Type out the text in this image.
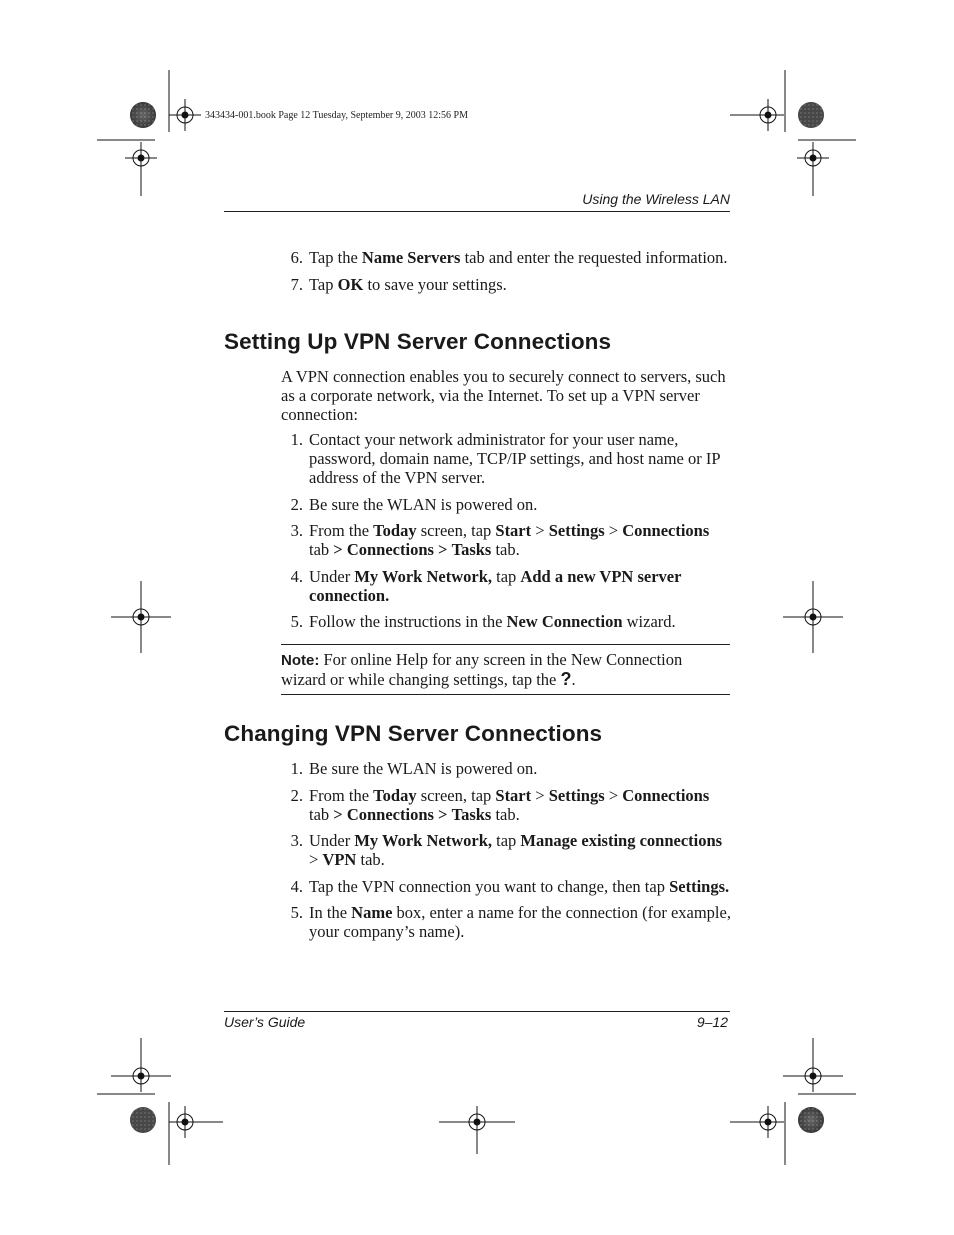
343434-001.book Page 12 Tuesday, September 9, 2003 12:56 PM
Using the Wireless LAN
6. Tap the Name Servers tab and enter the requested information.
7. Tap OK to save your settings.
Setting Up VPN Server Connections
A VPN connection enables you to securely connect to servers, such as a corporate network, via the Internet. To set up a VPN server connection:
1. Contact your network administrator for your user name, password, domain name, TCP/IP settings, and host name or IP address of the VPN server.
2. Be sure the WLAN is powered on.
3. From the Today screen, tap Start > Settings > Connections tab > Connections > Tasks tab.
4. Under My Work Network, tap Add a new VPN server connection.
5. Follow the instructions in the New Connection wizard.
Note: For online Help for any screen in the New Connection wizard or while changing settings, tap the ?.
Changing VPN Server Connections
1. Be sure the WLAN is powered on.
2. From the Today screen, tap Start > Settings > Connections tab > Connections > Tasks tab.
3. Under My Work Network, tap Manage existing connections > VPN tab.
4. Tap the VPN connection you want to change, then tap Settings.
5. In the Name box, enter a name for the connection (for example, your company’s name).
User’s Guide	9–12
